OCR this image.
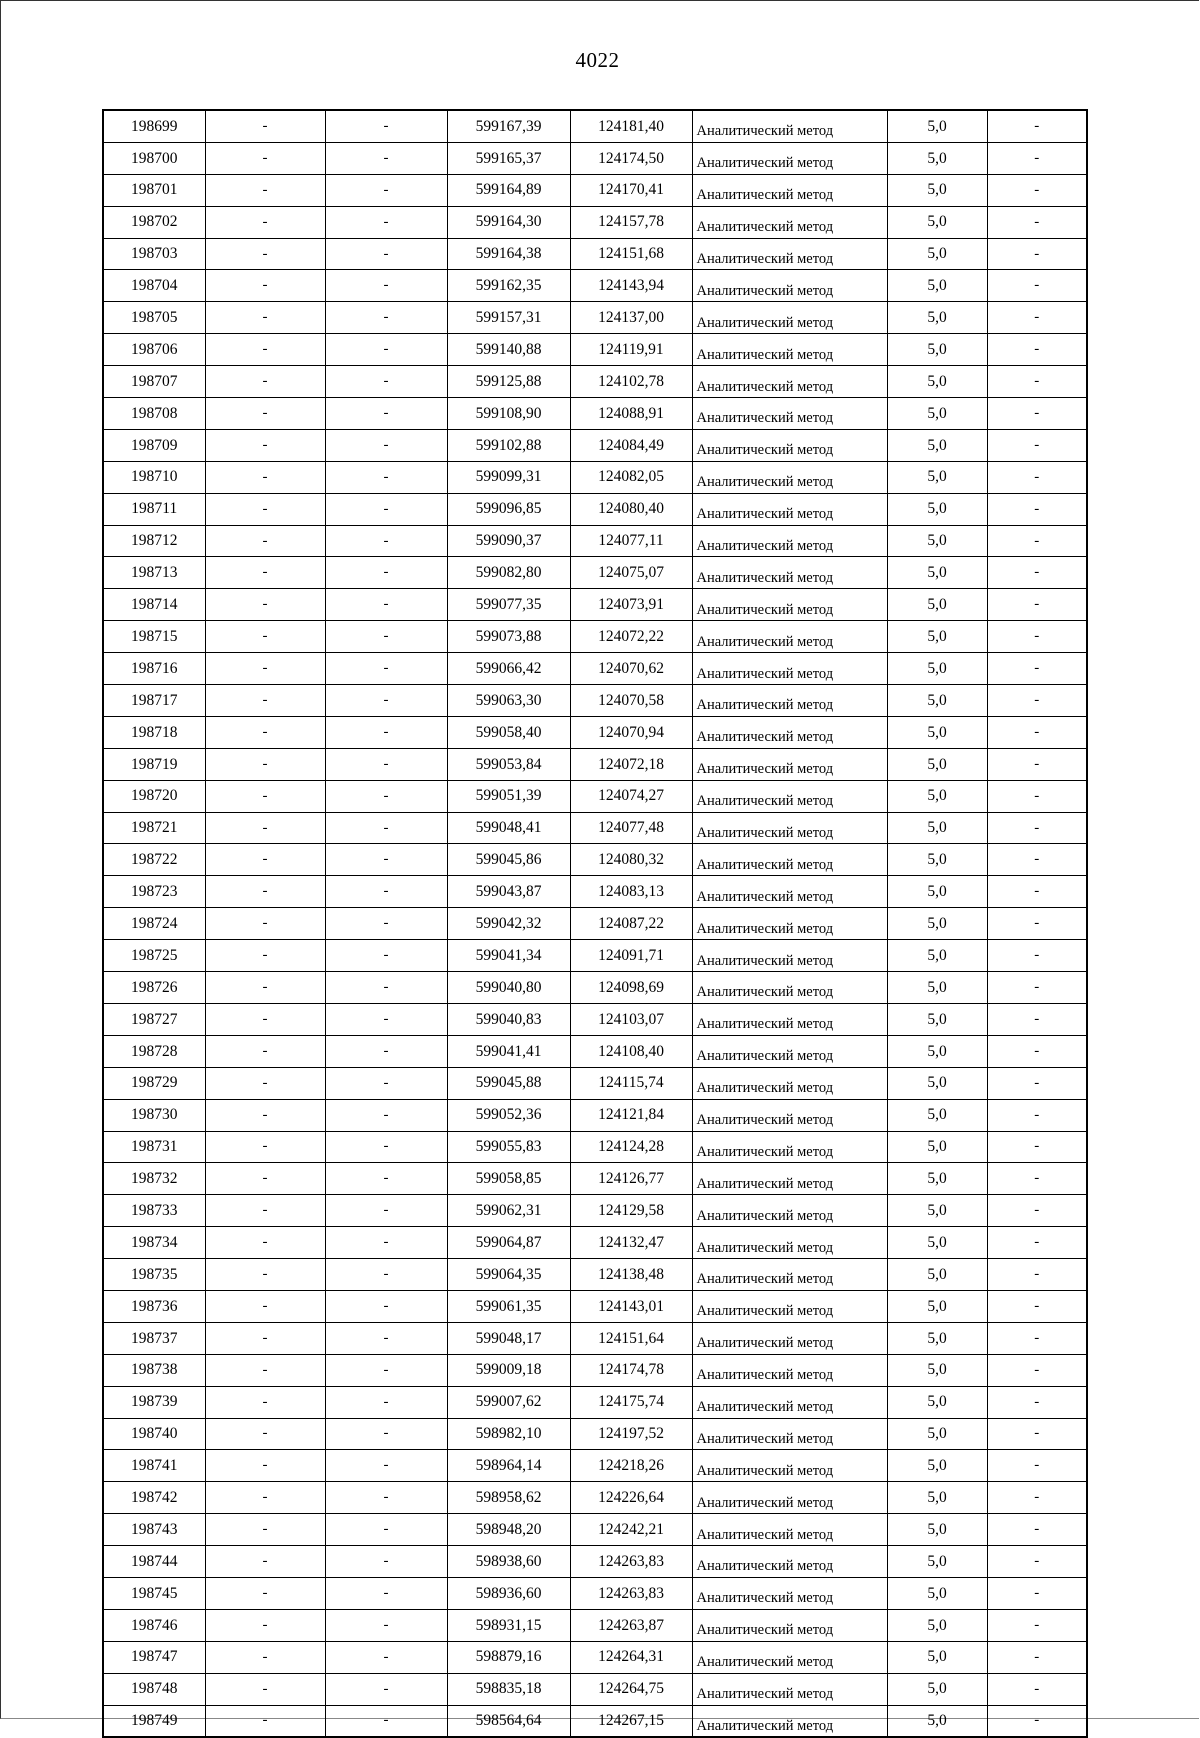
4022
198699	-	-	599167,39	124181,40	Аналитический метод	5,0	-
198700	-	-	599165,37	124174,50	Аналитический метод	5,0	-
198701	-	-	599164,89	124170,41	Аналитический метод	5,0	-
198702	-	-	599164,30	124157,78	Аналитический метод	5,0	-
198703	-	-	599164,38	124151,68	Аналитический метод	5,0	-
198704	-	-	599162,35	124143,94	Аналитический метод	5,0	-
198705	-	-	599157,31	124137,00	Аналитический метод	5,0	-
198706	-	-	599140,88	124119,91	Аналитический метод	5,0	-
198707	-	-	599125,88	124102,78	Аналитический метод	5,0	-
198708	-	-	599108,90	124088,91	Аналитический метод	5,0	-
198709	-	-	599102,88	124084,49	Аналитический метод	5,0	-
198710	-	-	599099,31	124082,05	Аналитический метод	5,0	-
198711	-	-	599096,85	124080,40	Аналитический метод	5,0	-
198712	-	-	599090,37	124077,11	Аналитический метод	5,0	-
198713	-	-	599082,80	124075,07	Аналитический метод	5,0	-
198714	-	-	599077,35	124073,91	Аналитический метод	5,0	-
198715	-	-	599073,88	124072,22	Аналитический метод	5,0	-
198716	-	-	599066,42	124070,62	Аналитический метод	5,0	-
198717	-	-	599063,30	124070,58	Аналитический метод	5,0	-
198718	-	-	599058,40	124070,94	Аналитический метод	5,0	-
198719	-	-	599053,84	124072,18	Аналитический метод	5,0	-
198720	-	-	599051,39	124074,27	Аналитический метод	5,0	-
198721	-	-	599048,41	124077,48	Аналитический метод	5,0	-
198722	-	-	599045,86	124080,32	Аналитический метод	5,0	-
198723	-	-	599043,87	124083,13	Аналитический метод	5,0	-
198724	-	-	599042,32	124087,22	Аналитический метод	5,0	-
198725	-	-	599041,34	124091,71	Аналитический метод	5,0	-
198726	-	-	599040,80	124098,69	Аналитический метод	5,0	-
198727	-	-	599040,83	124103,07	Аналитический метод	5,0	-
198728	-	-	599041,41	124108,40	Аналитический метод	5,0	-
198729	-	-	599045,88	124115,74	Аналитический метод	5,0	-
198730	-	-	599052,36	124121,84	Аналитический метод	5,0	-
198731	-	-	599055,83	124124,28	Аналитический метод	5,0	-
198732	-	-	599058,85	124126,77	Аналитический метод	5,0	-
198733	-	-	599062,31	124129,58	Аналитический метод	5,0	-
198734	-	-	599064,87	124132,47	Аналитический метод	5,0	-
198735	-	-	599064,35	124138,48	Аналитический метод	5,0	-
198736	-	-	599061,35	124143,01	Аналитический метод	5,0	-
198737	-	-	599048,17	124151,64	Аналитический метод	5,0	-
198738	-	-	599009,18	124174,78	Аналитический метод	5,0	-
198739	-	-	599007,62	124175,74	Аналитический метод	5,0	-
198740	-	-	598982,10	124197,52	Аналитический метод	5,0	-
198741	-	-	598964,14	124218,26	Аналитический метод	5,0	-
198742	-	-	598958,62	124226,64	Аналитический метод	5,0	-
198743	-	-	598948,20	124242,21	Аналитический метод	5,0	-
198744	-	-	598938,60	124263,83	Аналитический метод	5,0	-
198745	-	-	598936,60	124263,83	Аналитический метод	5,0	-
198746	-	-	598931,15	124263,87	Аналитический метод	5,0	-
198747	-	-	598879,16	124264,31	Аналитический метод	5,0	-
198748	-	-	598835,18	124264,75	Аналитический метод	5,0	-
198749	-	-	598564,64	124267,15	Аналитический метод	5,0	-
